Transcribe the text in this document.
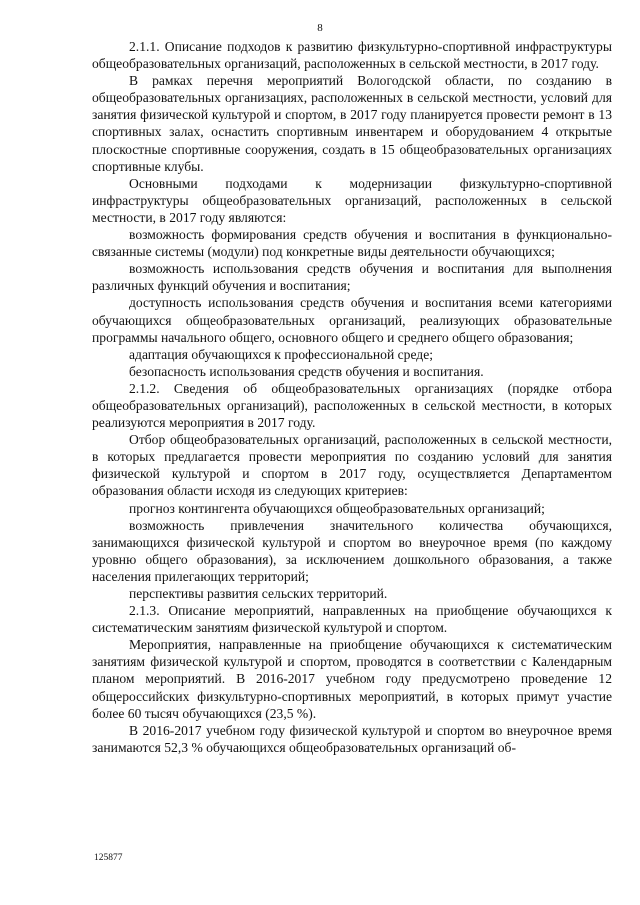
8

2.1.1. Описание подходов к развитию физкультурно-спортивной инфраструктуры общеобразовательных организаций, расположенных в сельской местности, в 2017 году.

В рамках перечня мероприятий Вологодской области, по созданию в общеобразовательных организациях, расположенных в сельской местности, условий для занятия физической культурой и спортом, в 2017 году планируется провести ремонт в 13 спортивных залах, оснастить спортивным инвентарем и оборудованием 4 открытые плоскостные спортивные сооружения, создать в 15 общеобразовательных организациях спортивные клубы.

Основными подходами к модернизации физкультурно-спортивной инфраструктуры общеобразовательных организаций, расположенных в сельской местности, в 2017 году являются:

возможность формирования средств обучения и воспитания в функционально-связанные системы (модули) под конкретные виды деятельности обучающихся;

возможность использования средств обучения и воспитания для выполнения различных функций обучения и воспитания;

доступность использования средств обучения и воспитания всеми категориями обучающихся общеобразовательных организаций, реализующих образовательные программы начального общего, основного общего и среднего общего образования;

адаптация обучающихся к профессиональной среде;

безопасность использования средств обучения и воспитания.

2.1.2. Сведения об общеобразовательных организациях (порядке отбора общеобразовательных организаций), расположенных в сельской местности, в которых реализуются мероприятия в 2017 году.

Отбор общеобразовательных организаций, расположенных в сельской местности, в которых предлагается провести мероприятия по созданию условий для занятия физической культурой и спортом в 2017 году, осуществляется Департаментом образования области исходя из следующих критериев:

прогноз контингента обучающихся общеобразовательных организаций;

возможность привлечения значительного количества обучающихся, занимающихся физической культурой и спортом во внеурочное время (по каждому уровню общего образования), за исключением дошкольного образования, а также населения прилегающих территорий;

перспективы развития сельских территорий.

2.1.3. Описание мероприятий, направленных на приобщение обучающихся к систематическим занятиям физической культурой и спортом.

Мероприятия, направленные на приобщение обучающихся к систематическим занятиям физической культурой и спортом, проводятся в соответствии с Календарным планом мероприятий. В 2016-2017 учебном году предусмотрено проведение 12 общероссийских физкультурно-спортивных мероприятий, в которых примут участие более 60 тысяч обучающихся (23,5 %).

В 2016-2017 учебном году физической культурой и спортом во внеурочное время занимаются 52,3 % обучающихся общеобразовательных организаций об-

125877
